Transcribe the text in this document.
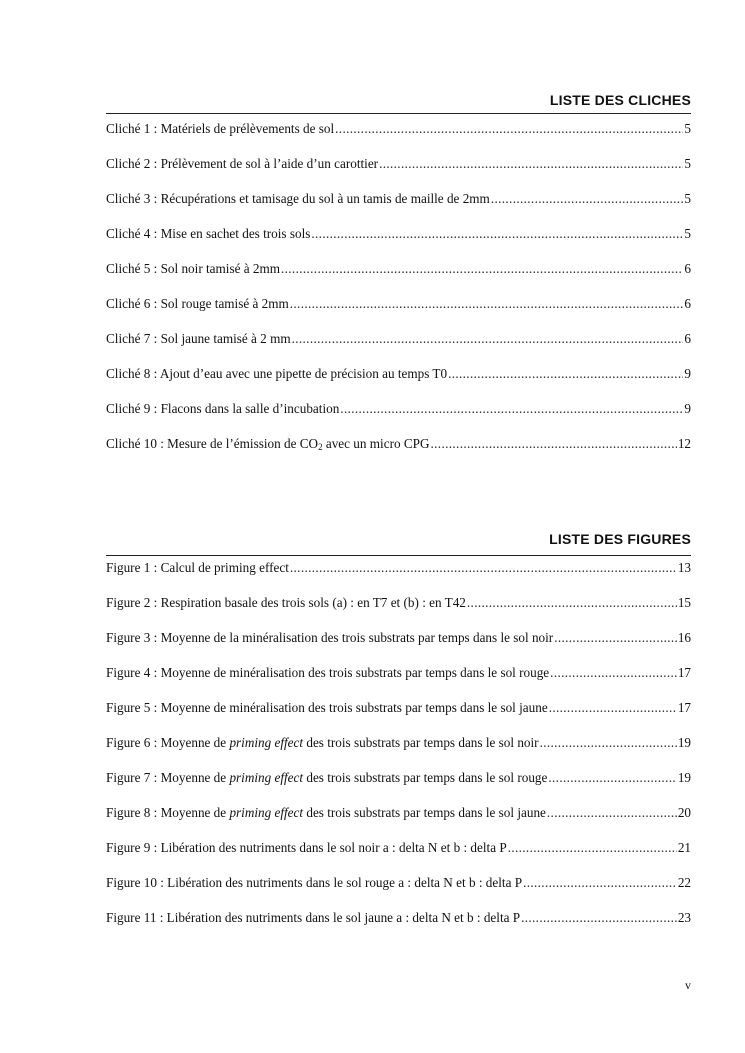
LISTE DES CLICHES
Cliché 1 : Matériels de prélèvements de sol .....	5
Cliché 2 : Prélèvement de sol à l’aide d’un carottier .....	5
Cliché 3 : Récupérations et tamisage du sol à un tamis de maille de 2mm .....	5
Cliché 4 : Mise en sachet des trois sols .....	5
Cliché 5 : Sol noir tamisé à 2mm .....	6
Cliché 6 : Sol rouge tamisé à 2mm .....	6
Cliché 7 : Sol jaune tamisé à 2 mm .....	6
Cliché 8 : Ajout d’eau avec une pipette de précision au temps T0 .....	9
Cliché 9 : Flacons dans la salle d’incubation .....	9
Cliché 10 : Mesure de l’émission de $CO_2$ avec un micro CPG .....	12
LISTE DES FIGURES
Figure 1 : Calcul de priming effect .....	13
Figure 2 : Respiration basale des trois sols (a) : en T7 et (b) : en T42 .....	15
Figure 3 : Moyenne de la minéralisation des trois substrats par temps dans le sol noir .....	16
Figure 4 : Moyenne de minéralisation des trois substrats par temps dans le sol rouge .....	17
Figure 5 : Moyenne de minéralisation des trois substrats par temps dans le sol jaune .....	17
Figure 6 : Moyenne de priming effect des trois substrats par temps dans le sol noir .....	19
Figure 7 : Moyenne de priming effect des trois substrats par temps dans le sol rouge .....	19
Figure 8 : Moyenne de priming effect des trois substrats par temps dans le sol jaune .....	20
Figure 9 : Libération des nutriments dans le sol noir a : delta N et b : delta P .....	21
Figure 10 : Libération des nutriments dans le sol rouge a : delta N et b : delta P .....	22
Figure 11 : Libération des nutriments dans le sol jaune a : delta N et b : delta P .....	23
v
